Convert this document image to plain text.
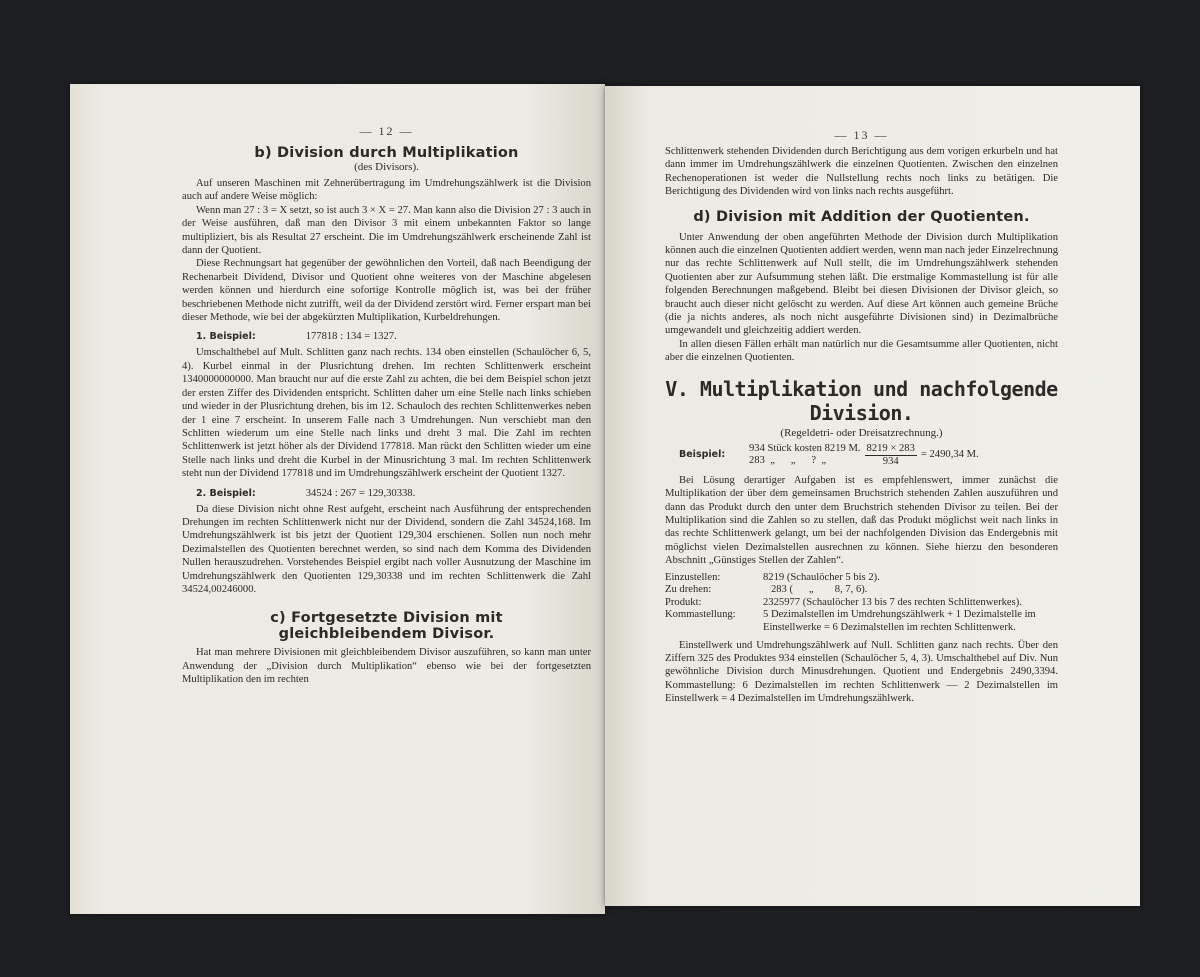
— 12 —
b) Division durch Multiplikation
(des Divisors).

Auf unseren Maschinen mit Zehnerübertragung im Umdrehungszählwerk ist die Division auch auf andere Weise möglich:

Wenn man 27 : 3 = X setzt, so ist auch 3 × X = 27. Man kann also die Division 27 : 3 auch in der Weise ausführen, daß man den Divisor 3 mit einem unbekannten Faktor so lange multipliziert, bis als Resultat 27 erscheint. Die im Umdrehungszählwerk erscheinende Zahl ist dann der Quotient.

Diese Rechnungsart hat gegenüber der gewöhnlichen den Vorteil, daß nach Beendigung der Rechenarbeit Dividend, Divisor und Quotient ohne weiteres von der Maschine abgelesen werden können und hierdurch eine sofortige Kontrolle möglich ist, was bei der früher beschriebenen Methode nicht zutrifft, weil da der Dividend zerstört wird. Ferner erspart man bei dieser Methode, wie bei der abgekürzten Multiplikation, Kurbeldrehungen.

1. Beispiel:	177818 : 134 = 1327.

Umschalthebel auf Mult. Schlitten ganz nach rechts. 134 oben einstellen (Schaulöcher 6, 5, 4). Kurbel einmal in der Plusrichtung drehen. Im rechten Schlittenwerk erscheint 1340000000000. Man braucht nur auf die erste Zahl zu achten, die bei dem Beispiel schon jetzt der ersten Ziffer des Dividenden entspricht. Schlitten daher um eine Stelle nach links schieben und wieder in der Plusrichtung drehen, bis im 12. Schauloch des rechten Schlittenwerkes neben der 1 eine 7 erscheint. In unserem Falle nach 3 Umdrehungen. Nun verschiebt man den Schlitten wiederum um eine Stelle nach links und dreht 3 mal. Die Zahl im rechten Schlittenwerk ist jetzt höher als der Dividend 177818. Man rückt den Schlitten wieder um eine Stelle nach links und dreht die Kurbel in der Minusrichtung 3 mal. Im rechten Schlittenwerk steht nun der Dividend 177818 und im Umdrehungszählwerk erscheint der Quotient 1327.

2. Beispiel:	34524 : 267 = 129,30338.

Da diese Division nicht ohne Rest aufgeht, erscheint nach Ausführung der entsprechenden Drehungen im rechten Schlittenwerk nicht nur der Dividend, sondern die Zahl 34524,168. Im Umdrehungszählwerk ist bis jetzt der Quotient 129,304 erschienen. Sollen nun noch mehr Dezimalstellen des Quotienten berechnet werden, so sind nach dem Komma des Dividenden Nullen herauszudrehen. Vorstehendes Beispiel ergibt nach voller Ausnutzung der Maschine im Umdrehungszählwerk den Quotienten 129,30338 und im rechten Schlittenwerk die Zahl 34524,00246000.

c) Fortgesetzte Division mit gleichbleibendem Divisor.

Hat man mehrere Divisionen mit gleichbleibendem Divisor auszuführen, so kann man unter Anwendung der „Division durch Multiplikation“ ebenso wie bei der fortgesetzten Multiplikation den im rechten

— 13 —

Schlittenwerk stehenden Dividenden durch Berichtigung aus dem vorigen erkurbeln und hat dann immer im Umdrehungszählwerk die einzelnen Quotienten. Zwischen den einzelnen Rechenoperationen ist weder die Nullstellung rechts noch links zu betätigen. Die Berichtigung des Dividenden wird von links nach rechts ausgeführt.

d) Division mit Addition der Quotienten.

Unter Anwendung der oben angeführten Methode der Division durch Multiplikation können auch die einzelnen Quotienten addiert werden, wenn man nach jeder Einzelrechnung nur das rechte Schlittenwerk auf Null stellt, die im Umdrehungszählwerk stehenden Quotienten aber zur Aufsummung stehen läßt. Die erstmalige Kommastellung ist für alle folgenden Berechnungen maßgebend. Bleibt bei diesen Divisionen der Divisor gleich, so braucht auch dieser nicht gelöscht zu werden. Auf diese Art können auch gemeine Brüche (die ja nichts anderes, als noch nicht ausgeführte Divisionen sind) in Dezimalbrüche umgewandelt und gleichzeitig addiert werden.

In allen diesen Fällen erhält man natürlich nur die Gesamtsumme aller Quotienten, nicht aber die einzelnen Quotienten.

V. Multiplikation und nachfolgende Division.
(Regeldetri- oder Dreisatzrechnung.)
Beispiel:
934 Stück kosten 8219 M.
283  „      „      ?  „	$\frac{8219 \times 283}{934} = 2490,34$ M.

Bei Lösung derartiger Aufgaben ist es empfehlenswert, immer zunächst die Multiplikation der über dem gemeinsamen Bruchstrich stehenden Zahlen auszuführen und dann das Produkt durch den unter dem Bruchstrich stehenden Divisor zu teilen. Bei der Multiplikation sind die Zahlen so zu stellen, daß das Produkt möglichst weit nach links in das rechte Schlittenwerk gelangt, um bei der nachfolgenden Division das Endergebnis mit möglichst vielen Dezimalstellen ausrechnen zu können. Siehe hierzu den besonderen Abschnitt „Günstiges Stellen der Zahlen“.

Einzustellen:	8219 (Schaulöcher 5 bis 2).
Zu drehen:	283 (      „        8, 7, 6).
Produkt:	2325977 (Schaulöcher 13 bis 7 des rechten Schlittenwerkes).
Kommastellung:	5 Dezimalstellen im Umdrehungszählwerk + 1 Dezimalstelle im Einstellwerke = 6 Dezimalstellen im rechten Schlittenwerk.

Einstellwerk und Umdrehungszählwerk auf Null. Schlitten ganz nach rechts. Über den Ziffern 325 des Produktes 934 einstellen (Schaulöcher 5, 4, 3). Umschalthebel auf Div. Nun gewöhnliche Division durch Minusdrehungen. Quotient und Endergebnis 2490,3394. Kommastellung: 6 Dezimalstellen im rechten Schlittenwerk — 2 Dezimalstellen im Einstellwerk = 4 Dezimalstellen im Umdrehungszählwerk.
